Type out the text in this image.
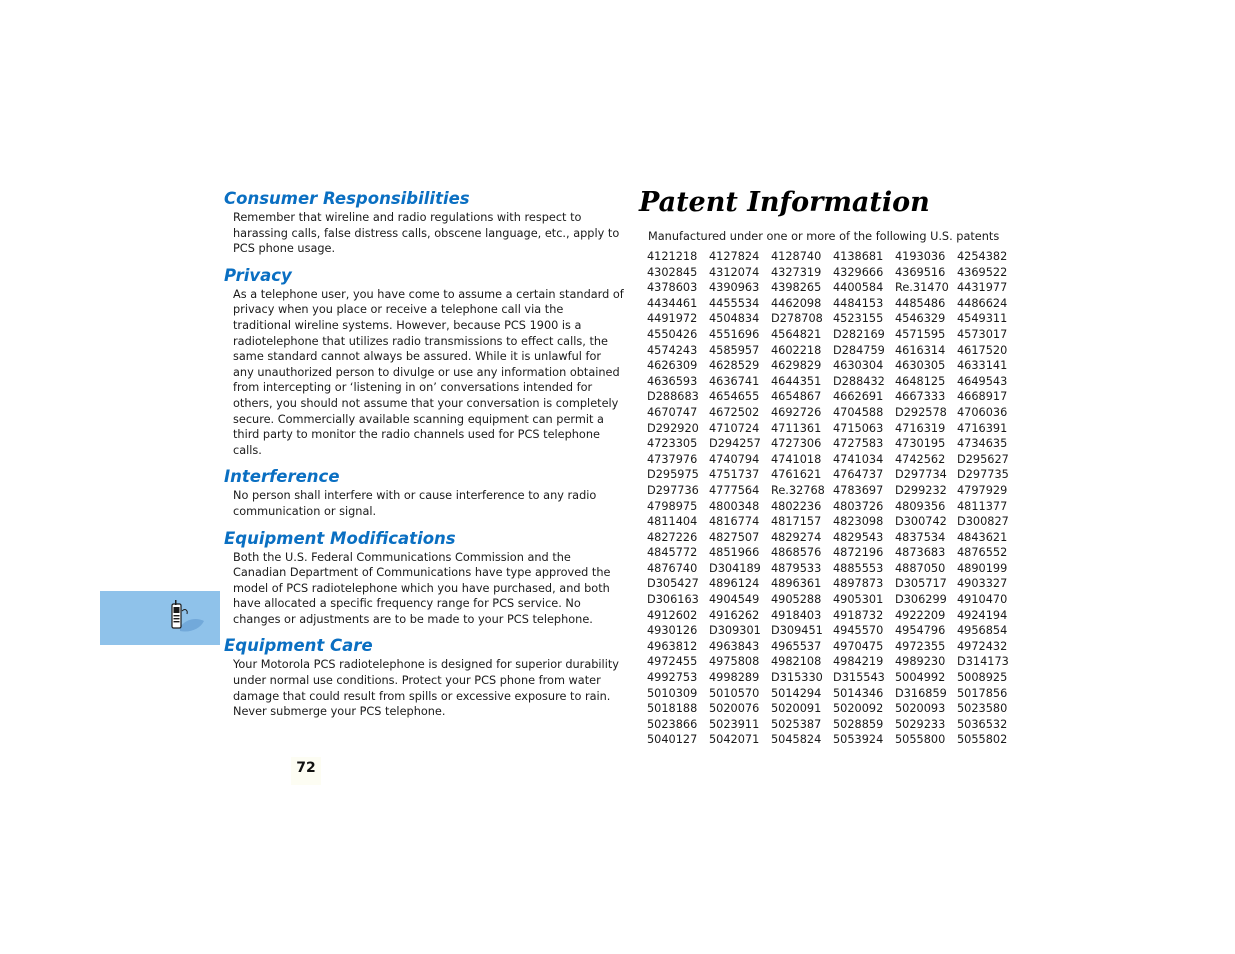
Consumer Responsibilities

Remember that wireline and radio regulations with respect to harassing calls, false distress calls, obscene language, etc., apply to PCS phone usage.

Privacy

As a telephone user, you have come to assume a certain standard of privacy when you place or receive a telephone call via the traditional wireline systems. However, because PCS 1900 is a radiotelephone that utilizes radio transmissions to effect calls, the same standard cannot always be assured. While it is unlawful for any unauthorized person to divulge or use any information obtained from intercepting or ‘listening in on’ conversations intended for others, you should not assume that your conversation is completely secure. Commercially available scanning equipment can permit a third party to monitor the radio channels used for PCS telephone calls.

Interference

No person shall interfere with or cause interference to any radio communication or signal.

Equipment Modifications

Both the U.S. Federal Communications Commission and the Canadian Department of Communications have type approved the model of PCS radiotelephone which you have purchased, and both have allocated a specific frequency range for PCS service. No changes or adjustments are to be made to your PCS telephone.

Equipment Care

Your Motorola PCS radiotelephone is designed for superior durability under normal use conditions. Protect your PCS phone from water damage that could result from spills or excessive exposure to rain. Never submerge your PCS telephone.

72
Patent Information

Manufactured under one or more of the following U.S. patents

4121218	4127824	4128740	4138681	4193036	4254382
4302845	4312074	4327319	4329666	4369516	4369522
4378603	4390963	4398265	4400584	Re.31470	4431977
4434461	4455534	4462098	4484153	4485486	4486624
4491972	4504834	D278708	4523155	4546329	4549311
4550426	4551696	4564821	D282169	4571595	4573017
4574243	4585957	4602218	D284759	4616314	4617520
4626309	4628529	4629829	4630304	4630305	4633141
4636593	4636741	4644351	D288432	4648125	4649543
D288683	4654655	4654867	4662691	4667333	4668917
4670747	4672502	4692726	4704588	D292578	4706036
D292920	4710724	4711361	4715063	4716319	4716391
4723305	D294257	4727306	4727583	4730195	4734635
4737976	4740794	4741018	4741034	4742562	D295627
D295975	4751737	4761621	4764737	D297734	D297735
D297736	4777564	Re.32768	4783697	D299232	4797929
4798975	4800348	4802236	4803726	4809356	4811377
4811404	4816774	4817157	4823098	D300742	D300827
4827226	4827507	4829274	4829543	4837534	4843621
4845772	4851966	4868576	4872196	4873683	4876552
4876740	D304189	4879533	4885553	4887050	4890199
D305427	4896124	4896361	4897873	D305717	4903327
D306163	4904549	4905288	4905301	D306299	4910470
4912602	4916262	4918403	4918732	4922209	4924194
4930126	D309301	D309451	4945570	4954796	4956854
4963812	4963843	4965537	4970475	4972355	4972432
4972455	4975808	4982108	4984219	4989230	D314173
4992753	4998289	D315330	D315543	5004992	5008925
5010309	5010570	5014294	5014346	D316859	5017856
5018188	5020076	5020091	5020092	5020093	5023580
5023866	5023911	5025387	5028859	5029233	5036532
5040127	5042071	5045824	5053924	5055800	5055802
